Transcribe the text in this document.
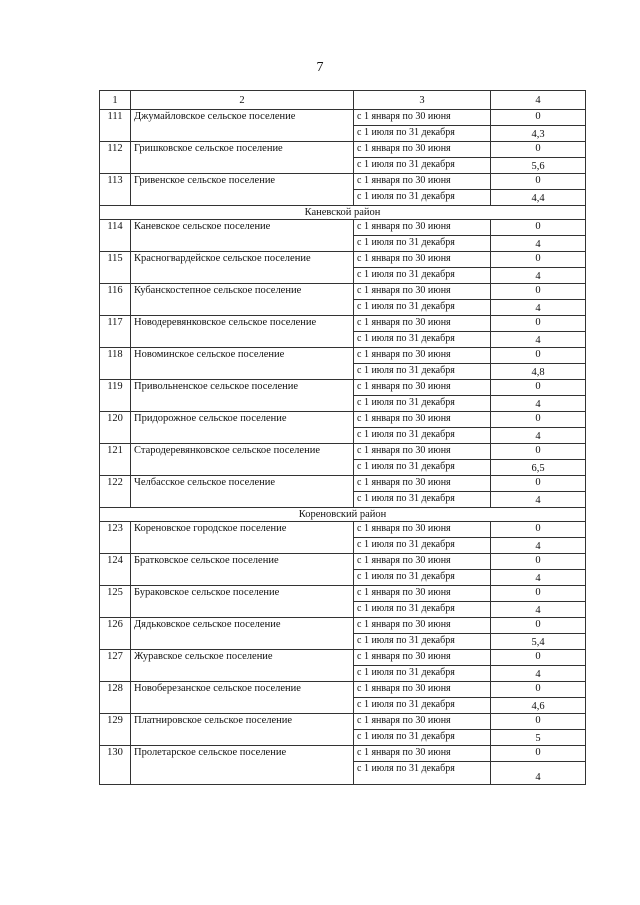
7
1	2	3	4
111	Джумайловское сельское поселение	с 1 января по 30 июня	0
		с 1 июля по 31 декабря	4,3
112	Гришковское сельское поселение	с 1 января по 30 июня	0
		с 1 июля по 31 декабря	5,6
113	Гривенское сельское поселение	с 1 января по 30 июня	0
		с 1 июля по 31 декабря	4,4
Каневской район			
114	Каневское сельское поселение	с 1 января по 30 июня	0
		с 1 июля по 31 декабря	4
115	Красногвардейское сельское поселение	с 1 января по 30 июня	0
		с 1 июля по 31 декабря	4
116	Кубанскостепное сельское поселение	с 1 января по 30 июня	0
		с 1 июля по 31 декабря	4
117	Новодеревянковское сельское поселение	с 1 января по 30 июня	0
		с 1 июля по 31 декабря	4
118	Новоминское сельское поселение	с 1 января по 30 июня	0
		с 1 июля по 31 декабря	4,8
119	Привольненское сельское поселение	с 1 января по 30 июня	0
		с 1 июля по 31 декабря	4
120	Придорожное сельское поселение	с 1 января по 30 июня	0
		с 1 июля по 31 декабря	4
121	Стародеревянковское сельское поселение	с 1 января по 30 июня	0
		с 1 июля по 31 декабря	6,5
122	Челбасское сельское поселение	с 1 января по 30 июня	0
		с 1 июля по 31 декабря	4
Кореновский район			
123	Кореновское городское поселение	с 1 января по 30 июня	0
		с 1 июля по 31 декабря	4
124	Братковское сельское поселение	с 1 января по 30 июня	0
		с 1 июля по 31 декабря	4
125	Бураковское сельское поселение	с 1 января по 30 июня	0
		с 1 июля по 31 декабря	4
126	Дядьковское сельское поселение	с 1 января по 30 июня	0
		с 1 июля по 31 декабря	5,4
127	Журавское сельское поселение	с 1 января по 30 июня	0
		с 1 июля по 31 декабря	4
128	Новоберезанское сельское поселение	с 1 января по 30 июня	0
		с 1 июля по 31 декабря	4,6
129	Платнировское сельское поселение	с 1 января по 30 июня	0
		с 1 июля по 31 декабря	5
130	Пролетарское сельское поселение	с 1 января по 30 июня	0
		с 1 июля по 31 декабря	4
